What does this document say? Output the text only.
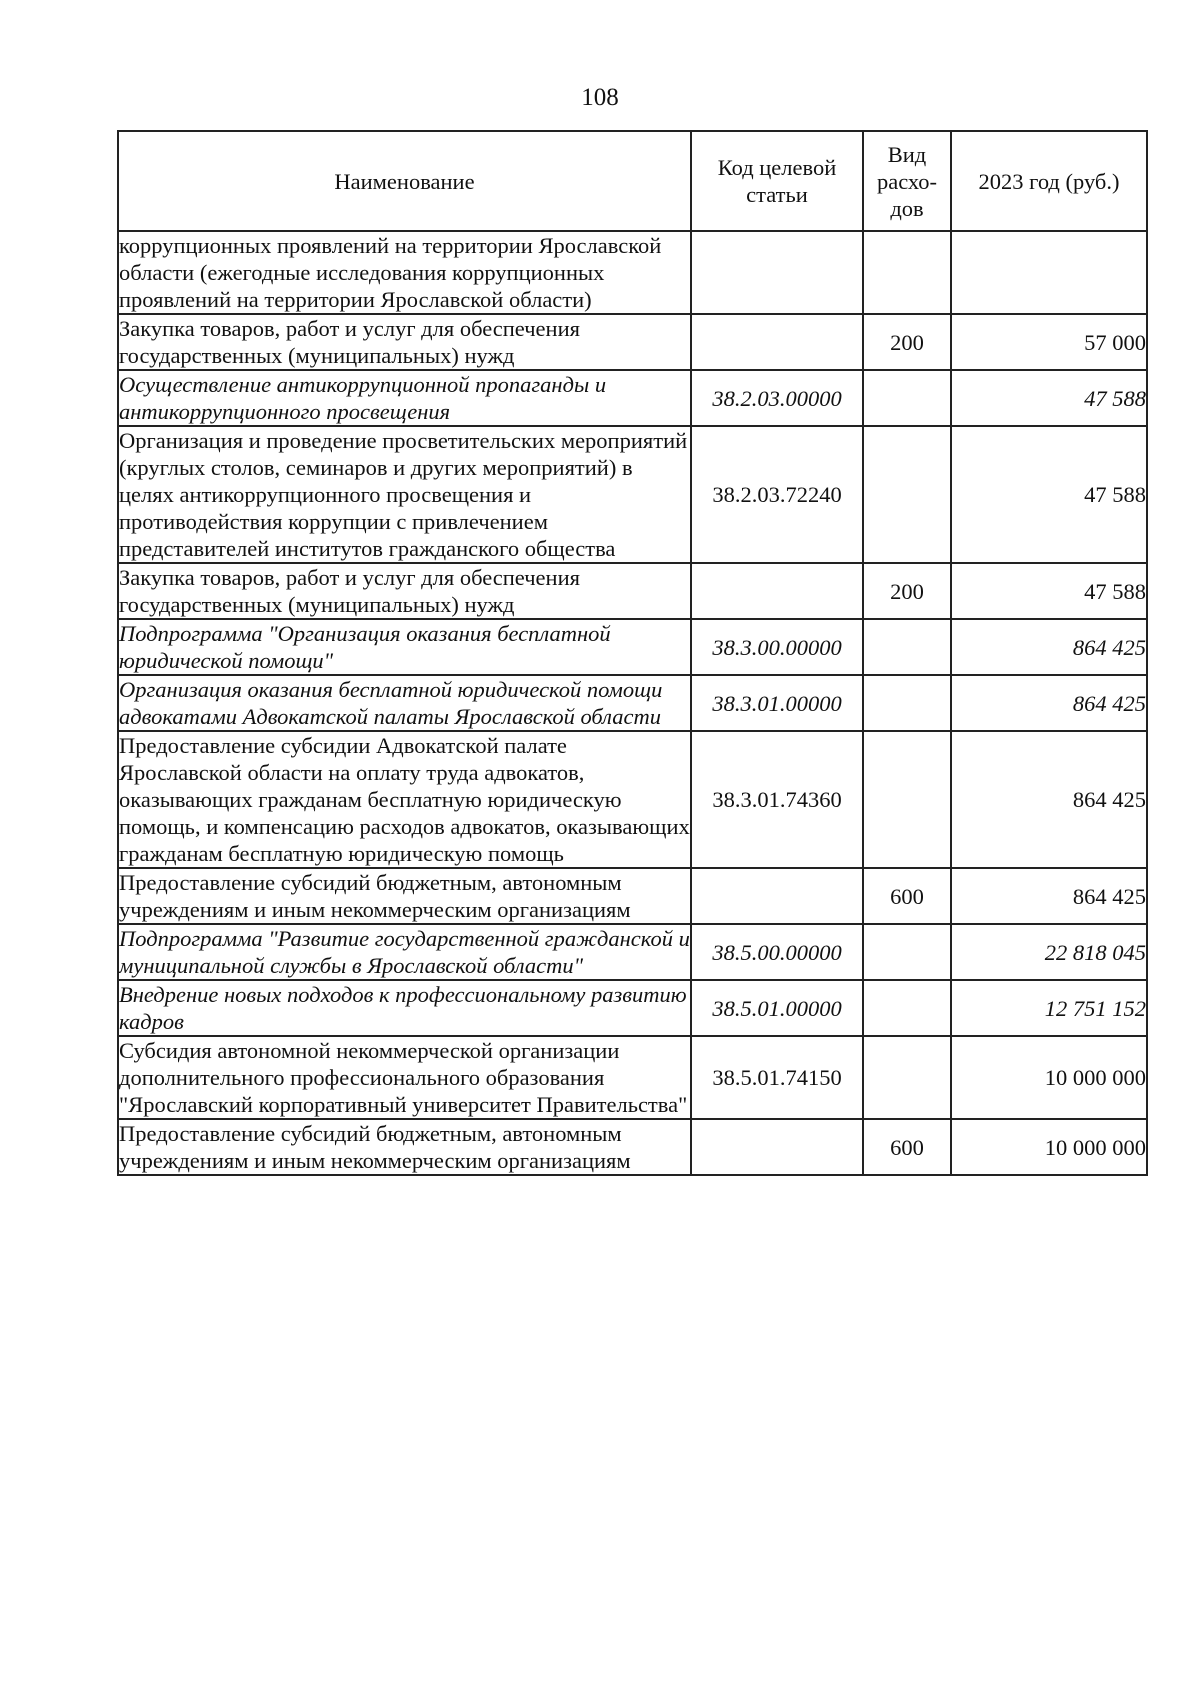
108
Наименование	Код целевой статьи	Вид расхо-дов	2023 год (руб.)
коррупционных проявлений на территории Ярославской области (ежегодные исследования коррупционных проявлений на территории Ярославской области)			
Закупка товаров, работ и услуг для обеспечения государственных (муниципальных) нужд		200	57 000
Осуществление антикоррупционной пропаганды и антикоррупционного просвещения	38.2.03.00000		47 588
Организация и проведение просветительских мероприятий (круглых столов, семинаров и других мероприятий) в целях антикоррупционного просвещения и противодействия коррупции с привлечением представителей институтов гражданского общества	38.2.03.72240		47 588
Закупка товаров, работ и услуг для обеспечения государственных (муниципальных) нужд		200	47 588
Подпрограмма "Организация оказания бесплатной юридической помощи"	38.3.00.00000		864 425
Организация оказания бесплатной юридической помощи адвокатами Адвокатской палаты Ярославской области	38.3.01.00000		864 425
Предоставление субсидии Адвокатской палате Ярославской области на оплату труда адвокатов, оказывающих гражданам бесплатную юридическую помощь, и компенсацию расходов адвокатов, оказывающих гражданам бесплатную юридическую помощь	38.3.01.74360		864 425
Предоставление субсидий бюджетным, автономным учреждениям и иным некоммерческим организациям		600	864 425
Подпрограмма "Развитие государственной гражданской и муниципальной службы в Ярославской области"	38.5.00.00000		22 818 045
Внедрение новых подходов к профессиональному развитию кадров	38.5.01.00000		12 751 152
Субсидия автономной некоммерческой организации дополнительного профессионального образования "Ярославский корпоративный университет Правительства"	38.5.01.74150		10 000 000
Предоставление субсидий бюджетным, автономным учреждениям и иным некоммерческим организациям		600	10 000 000
